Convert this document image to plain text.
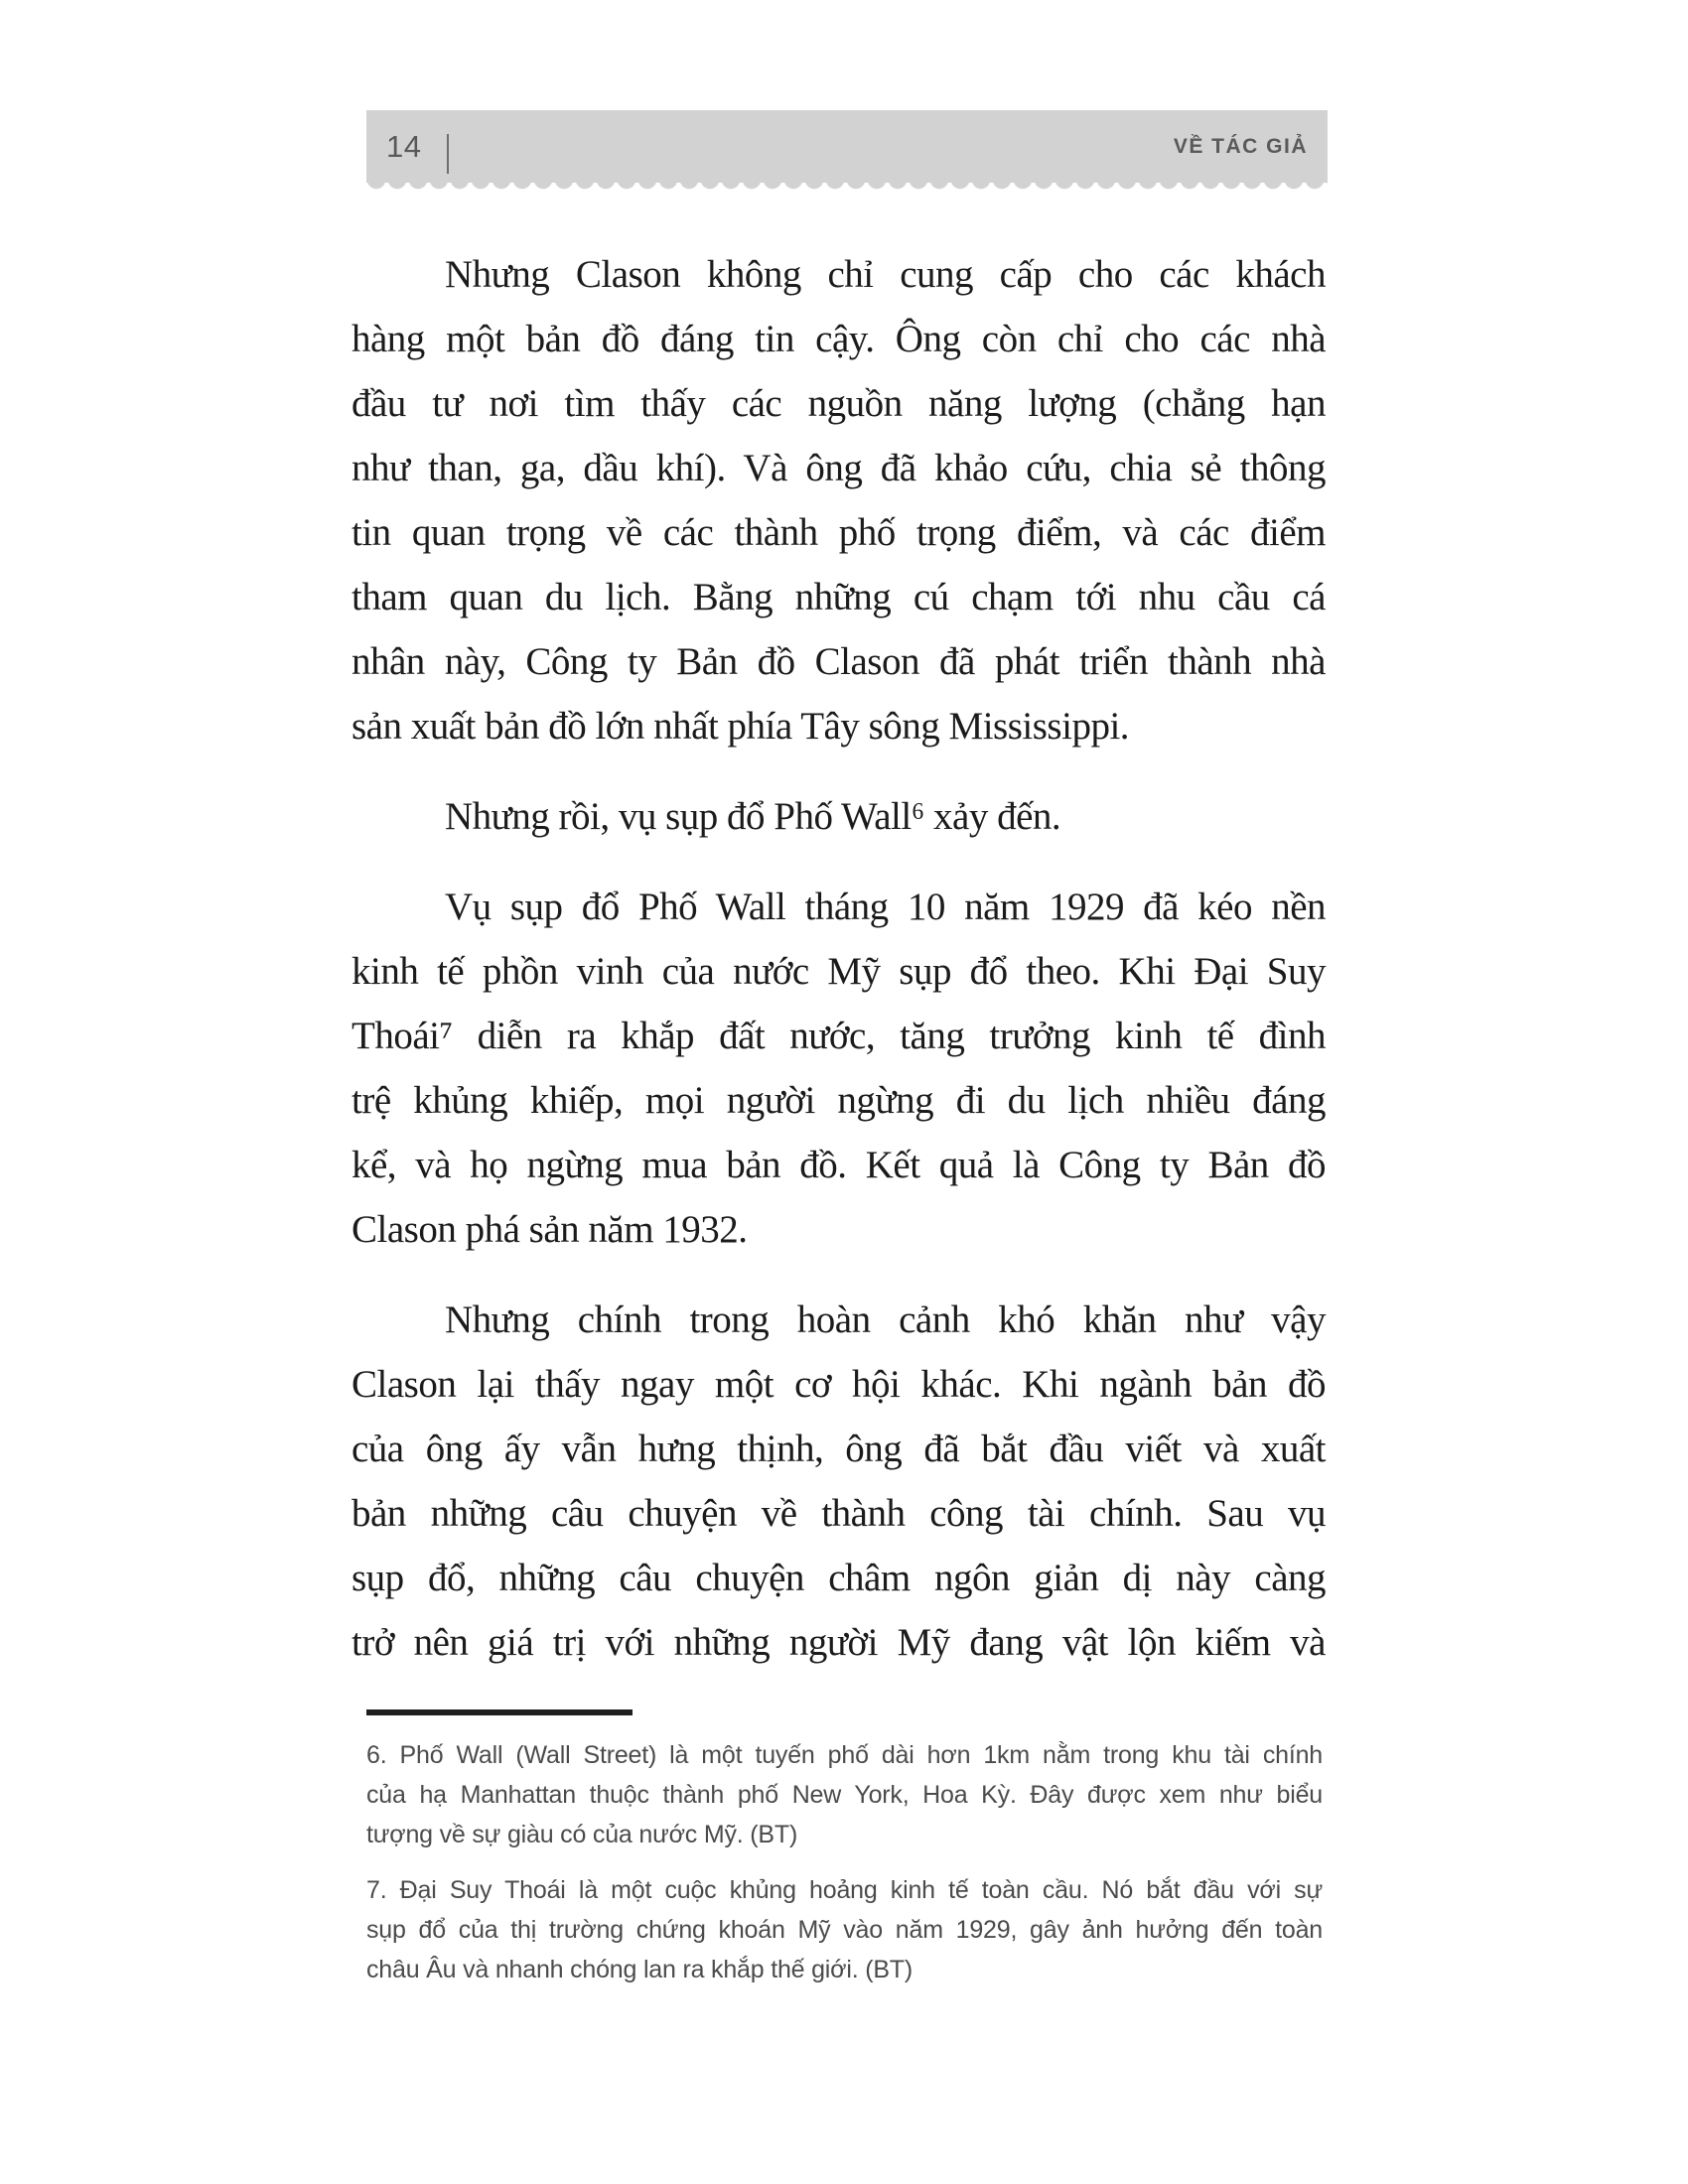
14	VỀ TÁC GIẢ
Nhưng Clason không chỉ cung cấp cho các khách
hàng một bản đồ đáng tin cậy. Ông còn chỉ cho các nhà
đầu tư nơi tìm thấy các nguồn năng lượng (chẳng hạn
như than, ga, dầu khí). Và ông đã khảo cứu, chia sẻ thông
tin quan trọng về các thành phố trọng điểm, và các điểm
tham quan du lịch. Bằng những cú chạm tới nhu cầu cá
nhân này, Công ty Bản đồ Clason đã phát triển thành nhà
sản xuất bản đồ lớn nhất phía Tây sông Mississippi.
Nhưng rồi, vụ sụp đổ Phố Wall⁶ xảy đến.
Vụ sụp đổ Phố Wall tháng 10 năm 1929 đã kéo nền
kinh tế phồn vinh của nước Mỹ sụp đổ theo. Khi Đại Suy
Thoái⁷ diễn ra khắp đất nước, tăng trưởng kinh tế đình
trệ khủng khiếp, mọi người ngừng đi du lịch nhiều đáng
kể, và họ ngừng mua bản đồ. Kết quả là Công ty Bản đồ
Clason phá sản năm 1932.
Nhưng chính trong hoàn cảnh khó khăn như vậy
Clason lại thấy ngay một cơ hội khác. Khi ngành bản đồ
của ông ấy vẫn hưng thịnh, ông đã bắt đầu viết và xuất
bản những câu chuyện về thành công tài chính. Sau vụ
sụp đổ, những câu chuyện châm ngôn giản dị này càng
trở nên giá trị với những người Mỹ đang vật lộn kiếm và
6. Phố Wall (Wall Street) là một tuyến phố dài hơn 1km nằm trong khu tài chính
của hạ Manhattan thuộc thành phố New York, Hoa Kỳ. Đây được xem như biểu
tượng về sự giàu có của nước Mỹ. (BT)
7. Đại Suy Thoái là một cuộc khủng hoảng kinh tế toàn cầu. Nó bắt đầu với sự
sụp đổ của thị trường chứng khoán Mỹ vào năm 1929, gây ảnh hưởng đến toàn
châu Âu và nhanh chóng lan ra khắp thế giới. (BT)
